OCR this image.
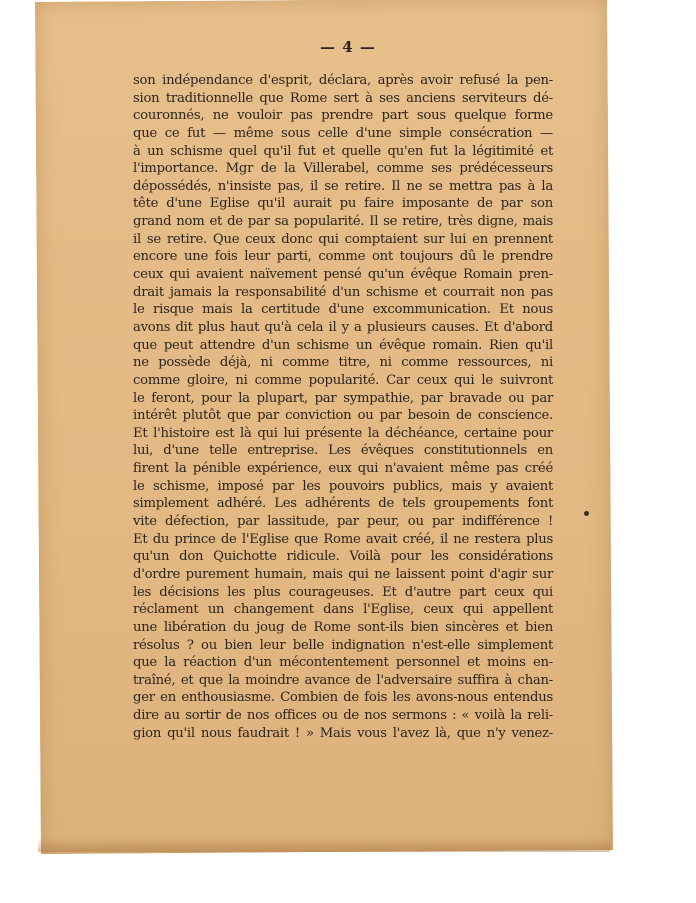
— 4 —
son indépendance d'esprit, déclara, après avoir refusé la pen-
sion traditionnelle que Rome sert à ses anciens serviteurs dé-
couronnés, ne vouloir pas prendre part sous quelque forme
que ce fut — même sous celle d'une simple consécration —
à un schisme quel qu'il fut et quelle qu'en fut la légitimité et
l'importance. Mgr de la Villerabel, comme ses prédécesseurs
dépossédés, n'insiste pas, il se retire. Il ne se mettra pas à la
tête d'une Eglise qu'il aurait pu faire imposante de par son
grand nom et de par sa popularité. Il se retire, très digne, mais
il se retire. Que ceux donc qui comptaient sur lui en prennent
encore une fois leur parti, comme ont toujours dû le prendre
ceux qui avaient naïvement pensé qu'un évêque Romain pren-
drait jamais la responsabilité d'un schisme et courrait non pas
le risque mais la certitude d'une excommunication. Et nous
avons dit plus haut qu'à cela il y a plusieurs causes. Et d'abord
que peut attendre d'un schisme un évêque romain. Rien qu'il
ne possède déjà, ni comme titre, ni comme ressources, ni
comme gloire, ni comme popularité. Car ceux qui le suivront
le feront, pour la plupart, par sympathie, par bravade ou par
intérêt plutôt que par conviction ou par besoin de conscience.
Et l'histoire est là qui lui présente la déchéance, certaine pour
lui, d'une telle entreprise. Les évêques constitutionnels en
firent la pénible expérience, eux qui n'avaient même pas créé
le schisme, imposé par les pouvoirs publics, mais y avaient
simplement adhéré. Les adhérents de tels groupements font
vite défection, par lassitude, par peur, ou par indifférence !
Et du prince de l'Eglise que Rome avait créé, il ne restera plus
qu'un don Quichotte ridicule. Voilà pour les considérations
d'ordre purement humain, mais qui ne laissent point d'agir sur
les décisions les plus courageuses. Et d'autre part ceux qui
réclament un changement dans l'Eglise, ceux qui appellent
une libération du joug de Rome sont-ils bien sincères et bien
résolus ? ou bien leur belle indignation n'est-elle simplement
que la réaction d'un mécontentement personnel et moins en-
traîné, et que la moindre avance de l'adversaire suffira à chan-
ger en enthousiasme. Combien de fois les avons-nous entendus
dire au sortir de nos offices ou de nos sermons : « voilà la reli-
gion qu'il nous faudrait ! » Mais vous l'avez là, que n'y venez-
